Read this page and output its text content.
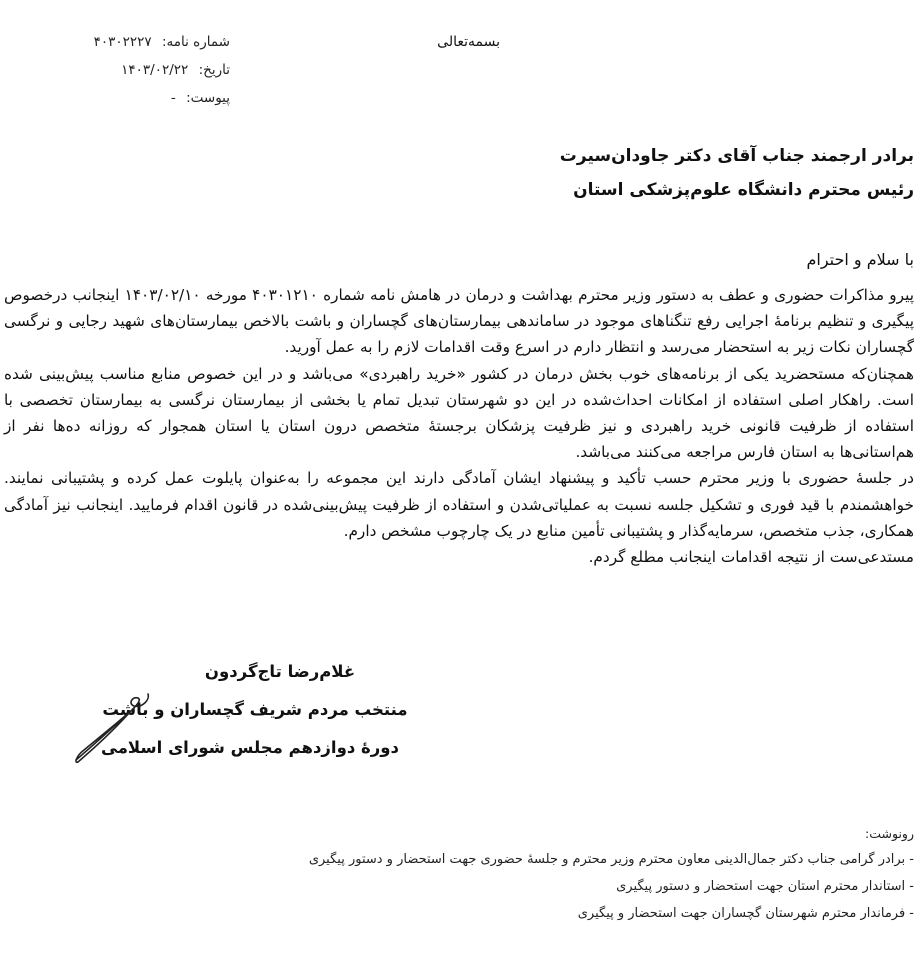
بسمه‌تعالی
شماره نامه: ۴۰۳۰۲۲۲۷
تاریخ: ۱۴۰۳/۰۲/۲۲
پیوست: -
برادر ارجمند جناب آقای دکتر جاودان‌سیرت
رئیس محترم دانشگاه علوم‌پزشکی استان
با سلام و احترام

پیرو مذاکرات حضوری و عطف به دستور وزیر محترم بهداشت و درمان در هامش نامه شماره ۴۰۳۰۱۲۱۰ مورخه ۱۴۰۳/۰۲/۱۰ اینجانب درخصوص پیگیری و تنظیم برنامهٔ اجرایی رفع تنگناهای موجود در ساماندهی بیمارستان‌های گچساران و باشت بالاخص بیمارستان‌های شهید رجایی و نرگسی گچساران نکات زیر به استحضار می‌رسد و انتظار دارم در اسرع وقت اقدامات لازم را به عمل آورید.

همچنان‌که مستحضرید یکی از برنامه‌های خوب بخش درمان در کشور «خرید راهبردی» می‌باشد و در این خصوص منابع مناسب پیش‌بینی شده است. راهکار اصلی استفاده از امکانات احداث‌شده در این دو شهرستان تبدیل تمام یا بخشی از بیمارستان نرگسی به بیمارستان تخصصی با استفاده از ظرفیت قانونی خرید راهبردی و نیز ظرفیت پزشکان برجستهٔ متخصص درون استان یا استان همجوار که روزانه ده‌ها نفر از هم‌استانی‌ها به استان فارس مراجعه می‌کنند می‌باشد.

در جلسهٔ حضوری با وزیر محترم حسب تأکید و پیشنهاد ایشان آمادگی دارند این مجموعه را به‌عنوان پایلوت عمل کرده و پشتیبانی نمایند. خواهشمندم با قید فوری و تشکیل جلسه نسبت به عملیاتی‌شدن و استفاده از ظرفیت پیش‌بینی‌شده در قانون اقدام فرمایید. اینجانب نیز آمادگی همکاری، جذب متخصص، سرمایه‌گذار و پشتیبانی تأمین منابع در یک چارچوب مشخص دارم.

مستدعی‌ست از نتیجه اقدامات اینجانب مطلع گردم.

غلام‌رضا تاج‌گردون
منتخب مردم شریف گچساران و باشت
دورهٔ دوازدهم مجلس شورای اسلامی
رونوشت:
- برادر گرامی جناب دکتر جمال‌الدینی معاون محترم وزیر محترم و جلسهٔ حضوری جهت استحضار و دستور پیگیری
- استاندار محترم استان جهت استحضار و دستور پیگیری
- فرماندار محترم شهرستان گچساران جهت استحضار و پیگیری
